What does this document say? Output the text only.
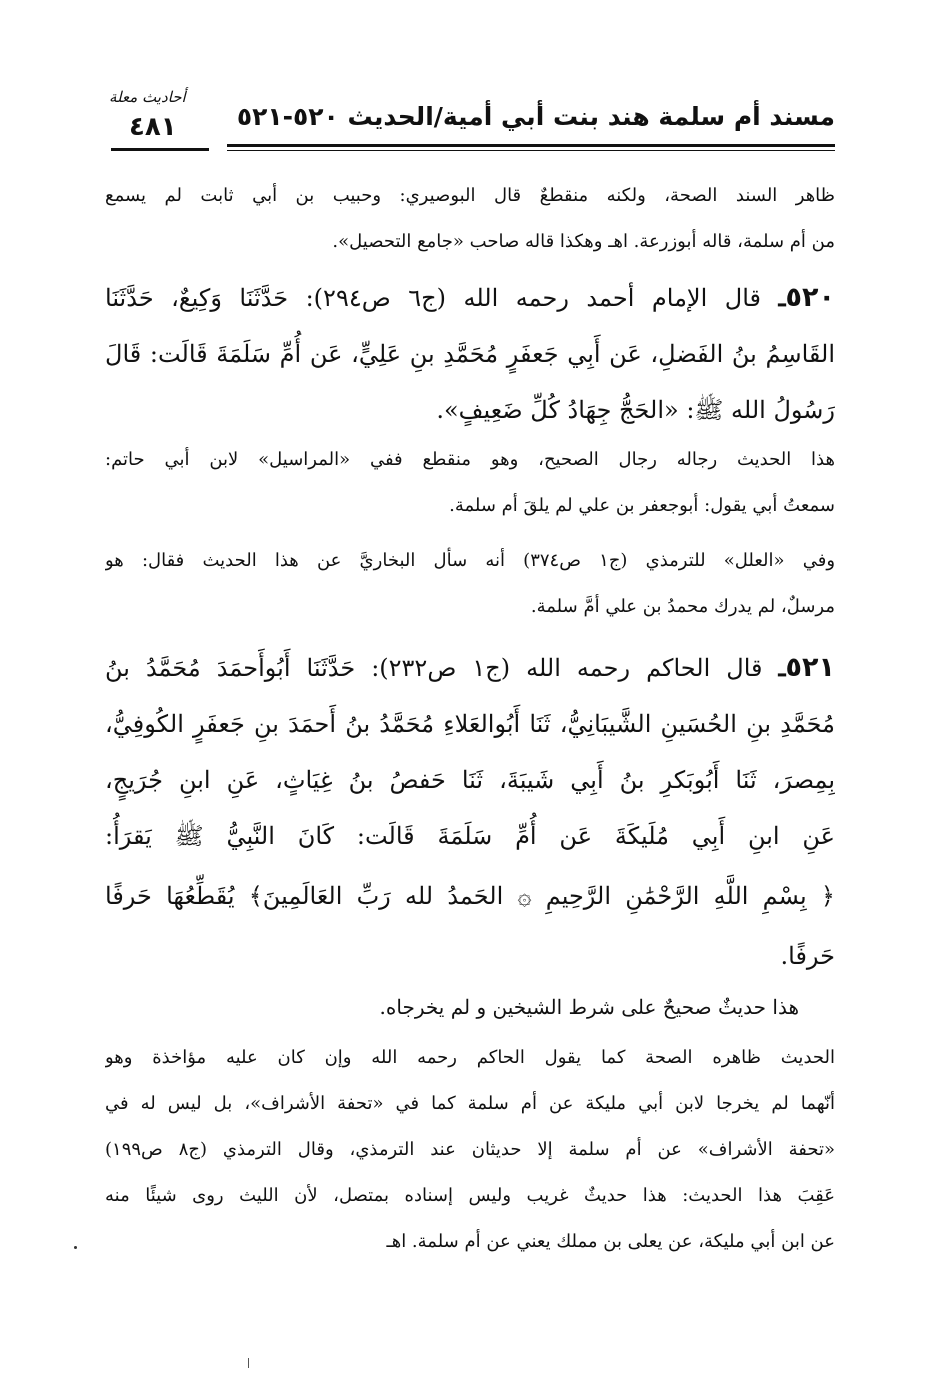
مسند أم سلمة هند بنت أبي أمية/الحديث ٥٢٠-٥٢١
أحاديث معلة
٤٨١
ظاهر السند الصحة، ولكنه منقطعٌ قال البوصيري: وحبيب بن أبي ثابت لم يسمع
من أم سلمة، قاله أبوزرعة. اهـ وهكذا قاله صاحب «جامع التحصيل».
٥٢٠ـ قال الإمام أحمد رحمه الله (ج٦ ص٢٩٤): حَدَّثَنَا وَكِيعٌ، حَدَّثَنَا
القَاسِمُ بنُ الفَضلِ، عَن أَبِي جَعفَرٍ مُحَمَّدِ بنِ عَلِيٍّ، عَن أُمِّ سَلَمَةَ قَالَت: قَالَ
رَسُولُ الله ﷺ: «الحَجُّ جِهَادُ كُلِّ ضَعِيفٍ».
هذا الحديث رجاله رجال الصحيح، وهو منقطع ففي «المراسيل» لابن أبي حاتم:
سمعتُ أبي يقول: أبوجعفر بن علي لم يلقَ أم سلمة.
وفي «العلل» للترمذي (ج١ ص٣٧٤) أنه سأل البخاريَّ عن هذا الحديث فقال: هو
مرسلٌ، لم يدرك محمدُ بن علي أمَّ سلمة.
٥٢١ـ قال الحاكم رحمه الله (ج١ ص٢٣٢): حَدَّثَنَا أَبُوأَحمَدَ مُحَمَّدُ بنُ
مُحَمَّدِ بنِ الحُسَينِ الشَّيبَانِيُّ، ثَنَا أَبُوالعَلاءِ مُحَمَّدُ بنُ أَحمَدَ بنِ جَعفَرٍ الكُوفِيُّ،
بِمِصرَ، ثَنَا أَبُوبَكرِ بنُ أَبِي شَيبَةَ، ثَنَا حَفصُ بنُ غِيَاثٍ، عَنِ ابنِ جُرَيجٍ،
عَنِ ابنِ أَبِي مُلَيكَةَ عَن أُمِّ سَلَمَةَ قَالَت: كَانَ النَّبِيُّ ﷺ يَقرَأُ:
﴿ بِسْمِ اللَّهِ الرَّحْمَٰنِ الرَّحِيمِ ۞ الحَمدُ لله رَبِّ العَالَمِينَ﴾ يُقَطِّعُهَا حَرفًا
حَرفًا.
هذا حديثٌ صحيحٌ على شرط الشيخين و لم يخرجاه.
الحديث ظاهره الصحة كما يقول الحاكم رحمه الله وإن كان عليه مؤاخذة وهو
أنّهما لم يخرجا لابن أبي مليكة عن أم سلمة كما في «تحفة الأشراف»، بل ليس له في
«تحفة الأشراف» عن أم سلمة إلا حديثان عند الترمذي، وقال الترمذي (ج٨ ص١٩٩)
عَقِبَ هذا الحديث: هذا حديثٌ غريب وليس إسناده بمتصل، لأن الليث روى شيئًا منه
عن ابن أبي مليكة، عن يعلى بن مملك يعني عن أم سلمة. اهـ
